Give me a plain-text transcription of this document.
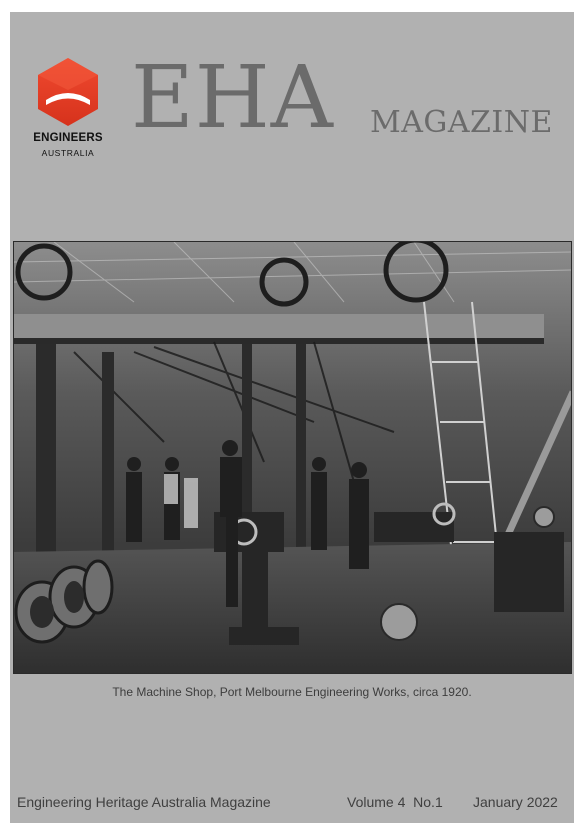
ENGINEERS
AUSTRALIA
EHA MAGAZINE
The Machine Shop, Port Melbourne Engineering Works, circa 1920.
Engineering Heritage Australia Magazine	Volume 4  No.1 January 2022
